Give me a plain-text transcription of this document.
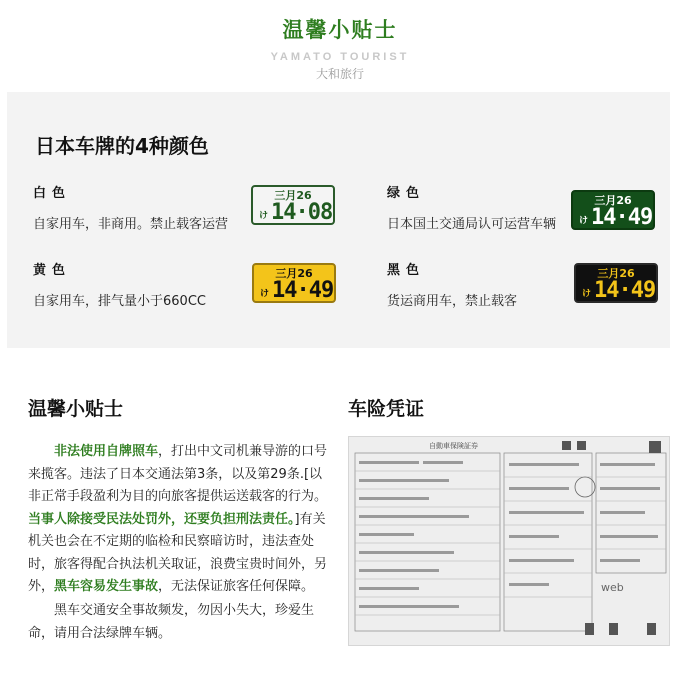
温馨小贴士
YAMATO TOURIST
大和旅行
日本车牌的4种颜色
白色
自家用车，非商用。禁止载客运营
三月26
け 14·08
绿色
日本国土交通局认可运营车辆
三月26
け 14·49
黄色
自家用车，排气量小于660CC
三月26
け 14·49
黑色
货运商用车，禁止载客
三月26
け 14·49
温馨小贴士

非法使用自牌照车，打出中文司机兼导游的口号来揽客。违法了日本交通法第3条，以及第29条.[以非正常手段盈利为目的向旅客提供运送载客的行为。当事人除接受民法处罚外，还要负担刑法责任。]有关机关也会在不定期的临检和民察暗访时，违法查处时，旅客得配合执法机关取证，浪费宝贵时间外，另外，黑车容易发生事故，无法保证旅客任何保障。

黑车交通安全事故频发，勿因小失大，珍爱生命，请用合法绿牌车辆。

车险凭证
自動車保険証券
web
